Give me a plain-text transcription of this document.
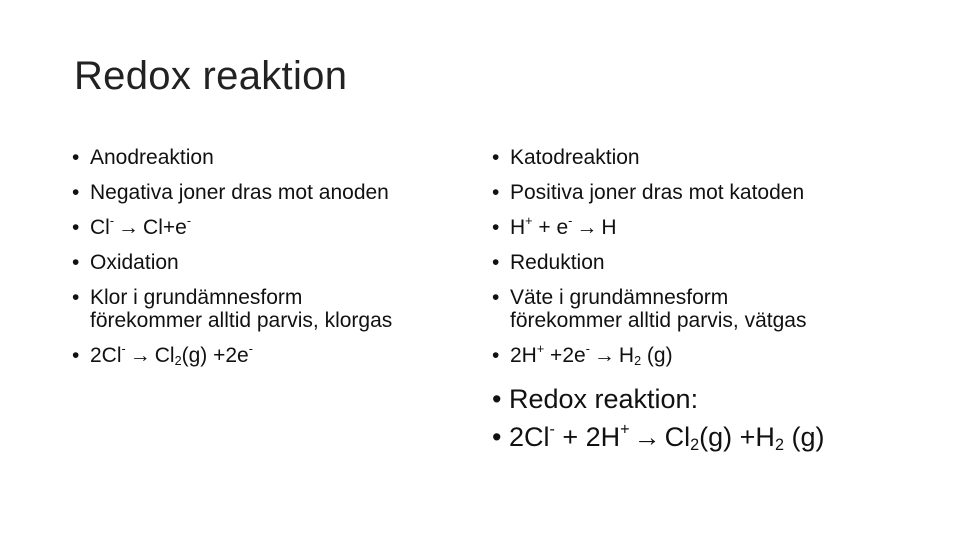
Redox reaktion
• Anodreaktion
• Negativa joner dras mot anoden
• Cl- → Cl+e-
• Oxidation
• Klor i grundämnesform
förekommer alltid parvis, klorgas
• $2Cl^- \to Cl_2(g) +2e^-$
• Katodreaktion
• Positiva joner dras mot katoden
• H+ + e- → H
• Reduktion
• Väte i grundämnesform
förekommer alltid parvis, vätgas
• $2H^+ +2e^- \to H_2$ (g)
• Redox reaktion:
• $2Cl^- + 2H^+ \to Cl_2(g) +H_2$ (g)
